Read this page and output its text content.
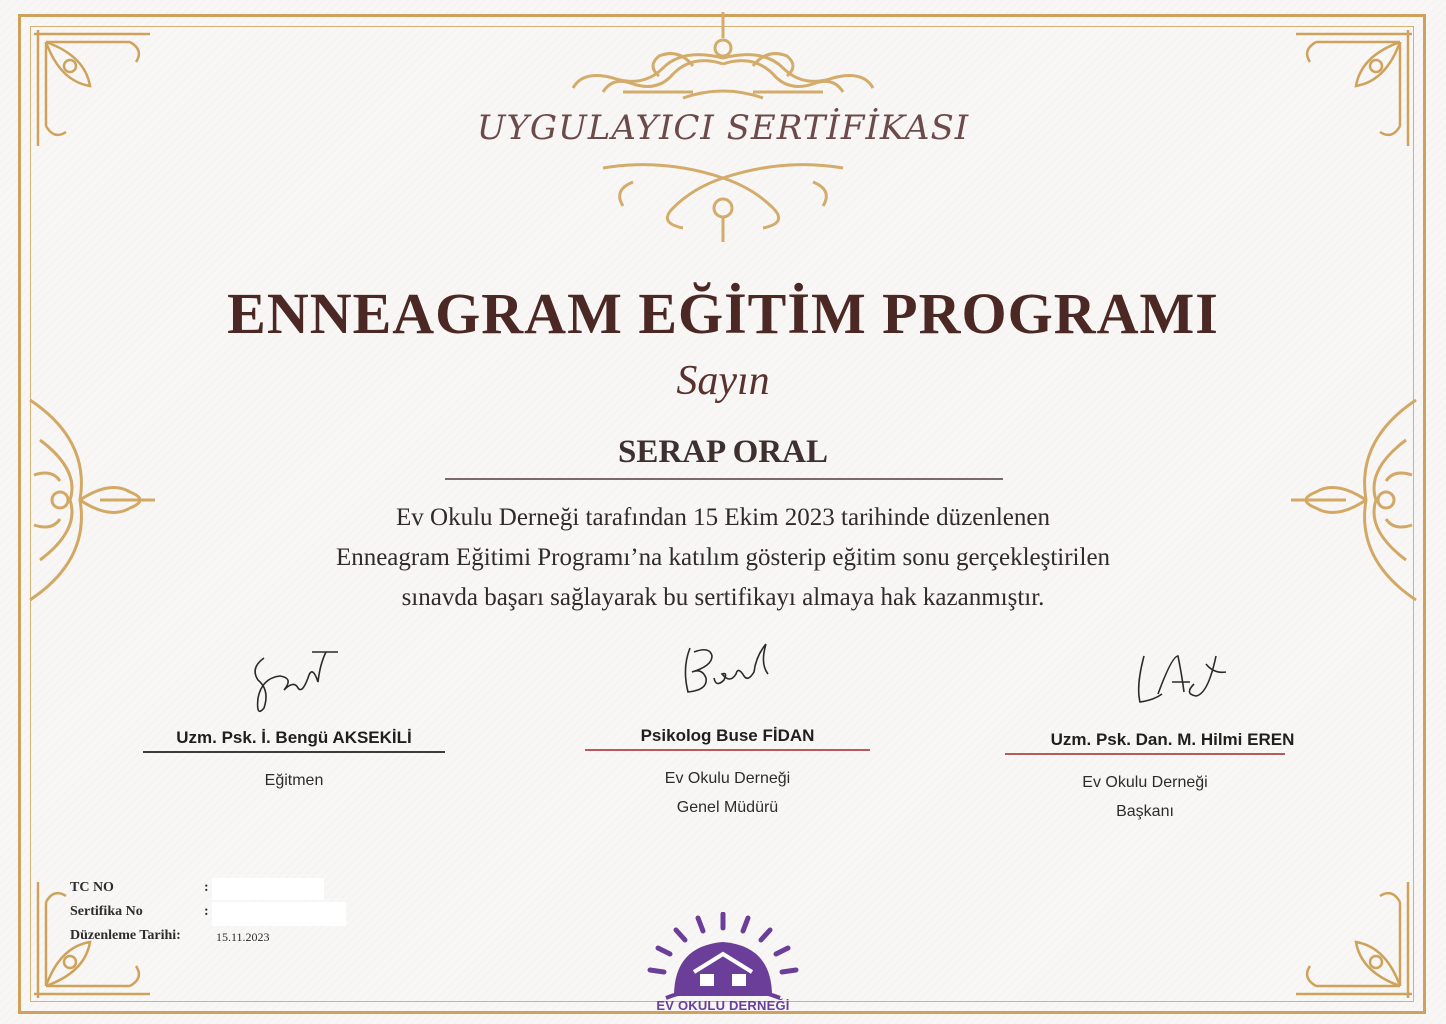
UYGULAYICI SERTİFİKASI
ENNEAGRAM EĞİTİM PROGRAMI
Sayın
SERAP ORAL
Ev Okulu Derneği tarafından 15 Ekim 2023 tarihinde düzenlenen
Enneagram Eğitimi Programı’na katılım gösterip eğitim sonu gerçekleştirilen
sınavda başarı sağlayarak bu sertifikayı almaya hak kazanmıştır.
Uzm. Psk. İ. Bengü AKSEKİLİ
Eğitmen
Psikolog Buse FİDAN
Ev Okulu Derneği
Genel Müdürü
Uzm. Psk. Dan. M. Hilmi EREN
Ev Okulu Derneği
Başkanı
TC NO	:
Sertifika No	:
Düzenleme Tarihi:	15.11.2023
EV OKULU DERNEĞİ
